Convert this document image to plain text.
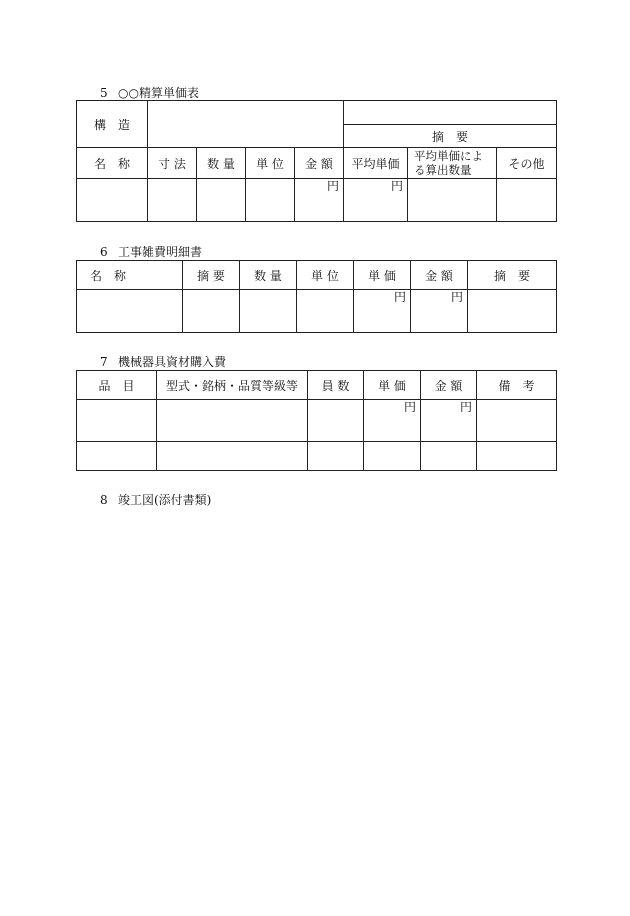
5 ○○精算単価表
構　造							
					摘　要		
名　称	寸 法	数 量	単 位	金 額	平均単価	平均単価による算出数量	その他
				円	円		
6 工事雑費明細書
名　称	摘 要	数 量	単 位	単 価	金 額	摘　要
				円	円	
7 機械器具資材購入費
品　目	型式・銘柄・品質等級等	員 数	単 価	金 額	備　考
			円	円	

8 竣工図(添付書類)
